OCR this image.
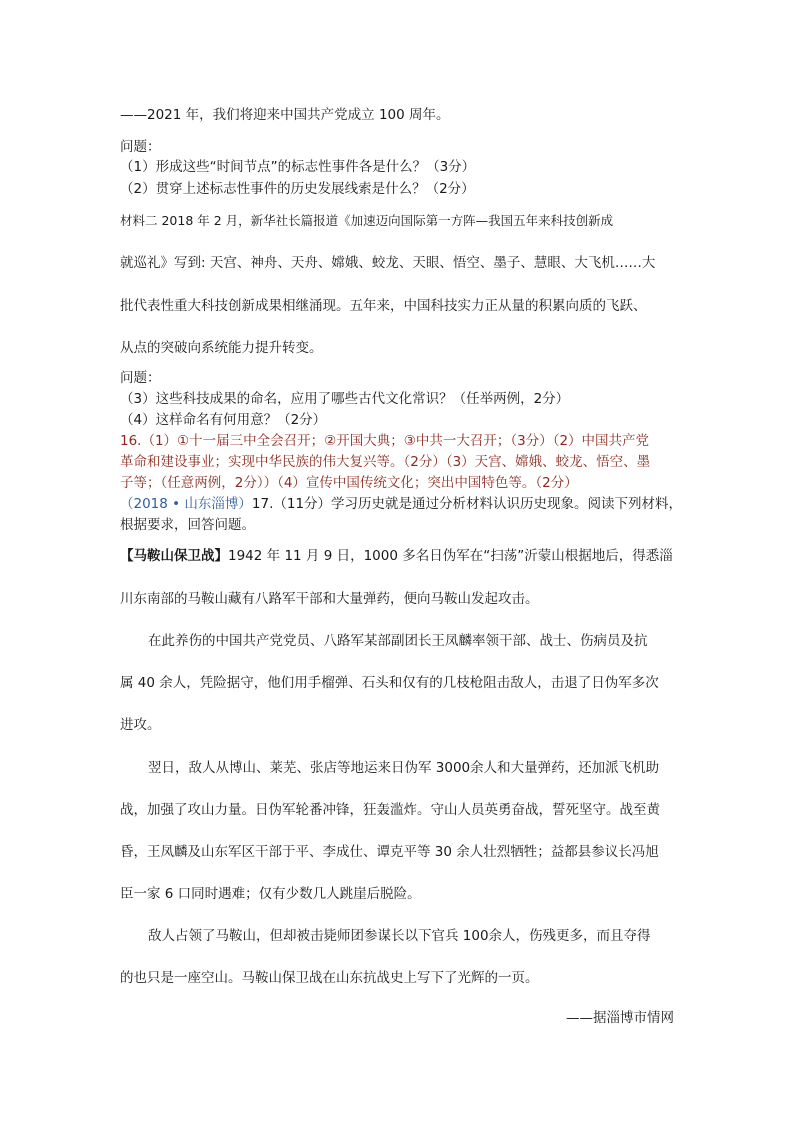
——2021 年，我们将迎来中国共产党成立 100 周年。
问题：
（1）形成这些“时间节点”的标志性事件各是什么？（3分）
（2）贯穿上述标志性事件的历史发展线索是什么？（2分）
材料二 2018 年 2 月，新华社长篇报道《加速迈向国际第一方阵—我国五年来科技创新成
就巡礼》写到: 天宫、神舟、天舟、嫦娥、蛟龙、天眼、悟空、墨子、慧眼、大飞机……大
批代表性重大科技创新成果相继涌现。五年来，中国科技实力正从量的积累向质的飞跃、
从点的突破向系统能力提升转变。
问题：
（3）这些科技成果的命名，应用了哪些古代文化常识？（任举两例，2分）
（4）这样命名有何用意？（2分）
16.（1）①十一届三中全会召开；②开国大典；③中共一大召开；（3分）（2）中国共产党
革命和建设事业；实现中华民族的伟大复兴等。（2分）（3）天宫、嫦娥、蛟龙、悟空、墨
子等；（任意两例，2分））（4）宣传中国传统文化；突出中国特色等。（2分）
（2018 • 山东淄博）17.（11分）学习历史就是通过分析材料认识历史现象。阅读下列材料，
根据要求，回答问题。
【马鞍山保卫战】1942 年 11 月 9 日，1000 多名日伪军在“扫荡”沂蒙山根据地后，得悉淄
川东南部的马鞍山藏有八路军干部和大量弹药，便向马鞍山发起攻击。
在此养伤的中国共产党党员、八路军某部副团长王凤麟率领干部、战士、伤病员及抗
属 40 余人，凭险据守，他们用手榴弹、石头和仅有的几枝枪阻击敌人，击退了日伪军多次
进攻。
翌日，敌人从博山、莱芜、张店等地运来日伪军 3000余人和大量弹药，还加派飞机助
战，加强了攻山力量。日伪军轮番冲锋，狂轰滥炸。守山人员英勇奋战，誓死坚守。战至黄
昏，王凤麟及山东军区干部于平、李成仕、谭克平等 30 余人壮烈牺牲；益都县参议长冯旭
臣一家 6 口同时遇难；仅有少数几人跳崖后脱险。
敌人占领了马鞍山，但却被击毙师团参谋长以下官兵 100余人，伤残更多，而且夺得
的也只是一座空山。马鞍山保卫战在山东抗战史上写下了光辉的一页。
——据淄博市情网
